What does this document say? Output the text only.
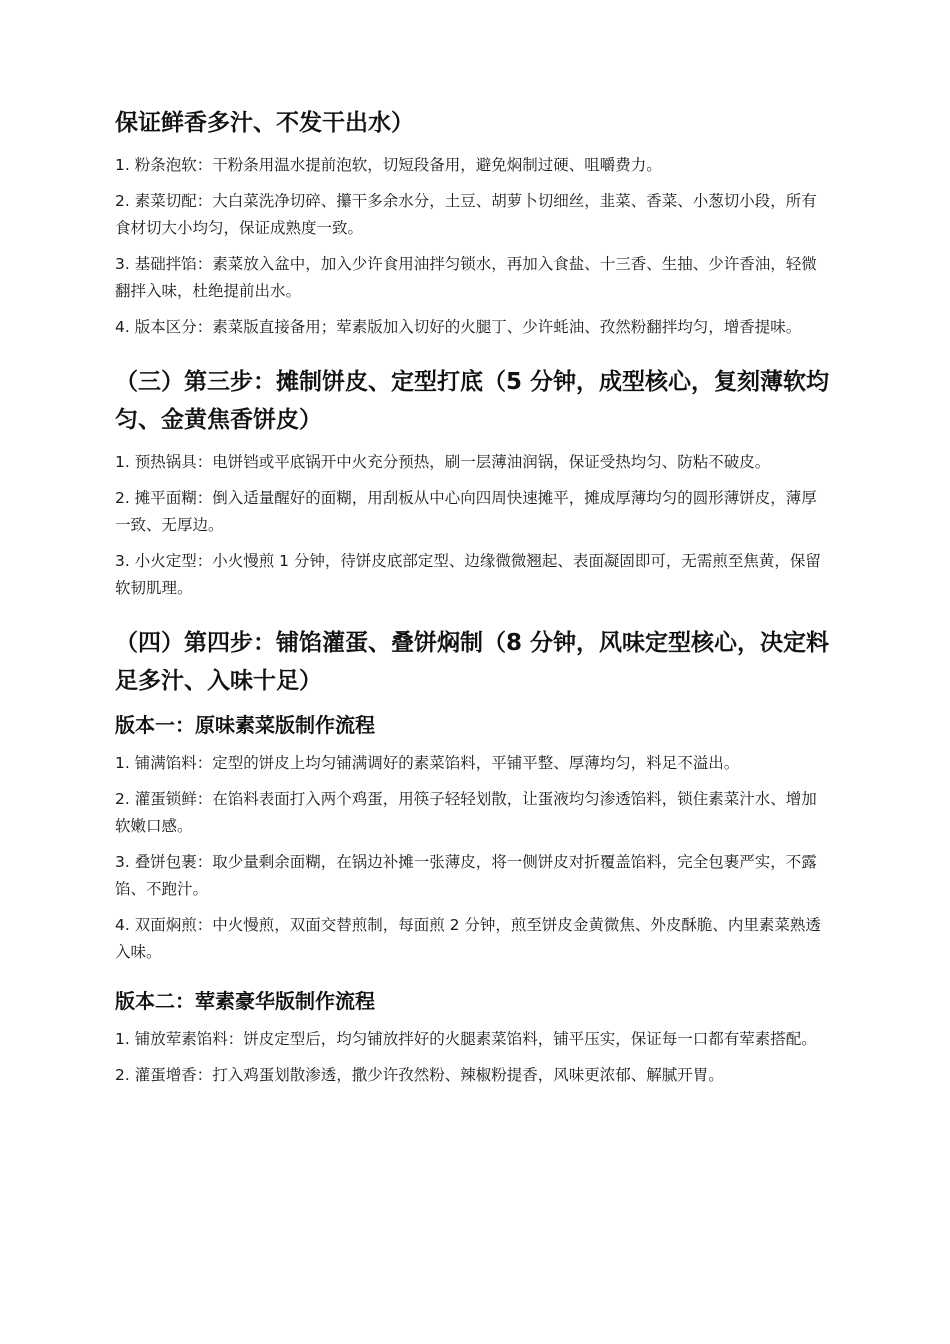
保证鲜香多汁、不发干出水）

1. 粉条泡软：干粉条用温水提前泡软，切短段备用，避免焖制过硬、咀嚼费力。

2. 素菜切配：大白菜洗净切碎、攥干多余水分，土豆、胡萝卜切细丝，韭菜、香菜、小葱切小段，所有食材切大小均匀，保证成熟度一致。

3. 基础拌馅：素菜放入盆中，加入少许食用油拌匀锁水，再加入食盐、十三香、生抽、少许香油，轻微翻拌入味，杜绝提前出水。

4. 版本区分：素菜版直接备用；荤素版加入切好的火腿丁、少许蚝油、孜然粉翻拌均匀，增香提味。

（三）第三步：摊制饼皮、定型打底（5 分钟，成型核心，复刻薄软均匀、金黄焦香饼皮）

1. 预热锅具：电饼铛或平底锅开中火充分预热，刷一层薄油润锅，保证受热均匀、防粘不破皮。

2. 摊平面糊：倒入适量醒好的面糊，用刮板从中心向四周快速摊平，摊成厚薄均匀的圆形薄饼皮，薄厚一致、无厚边。

3. 小火定型：小火慢煎 1 分钟，待饼皮底部定型、边缘微微翘起、表面凝固即可，无需煎至焦黄，保留软韧肌理。

（四）第四步：铺馅灌蛋、叠饼焖制（8 分钟，风味定型核心，决定料足多汁、入味十足）
版本一：原味素菜版制作流程

1. 铺满馅料：定型的饼皮上均匀铺满调好的素菜馅料，平铺平整、厚薄均匀，料足不溢出。

2. 灌蛋锁鲜：在馅料表面打入两个鸡蛋，用筷子轻轻划散，让蛋液均匀渗透馅料，锁住素菜汁水、增加软嫩口感。

3. 叠饼包裹：取少量剩余面糊，在锅边补摊一张薄皮，将一侧饼皮对折覆盖馅料，完全包裹严实，不露馅、不跑汁。

4. 双面焖煎：中火慢煎，双面交替煎制，每面煎 2 分钟，煎至饼皮金黄微焦、外皮酥脆、内里素菜熟透入味。

版本二：荤素豪华版制作流程

1. 铺放荤素馅料：饼皮定型后，均匀铺放拌好的火腿素菜馅料，铺平压实，保证每一口都有荤素搭配。

2. 灌蛋增香：打入鸡蛋划散渗透，撒少许孜然粉、辣椒粉提香，风味更浓郁、解腻开胃。
